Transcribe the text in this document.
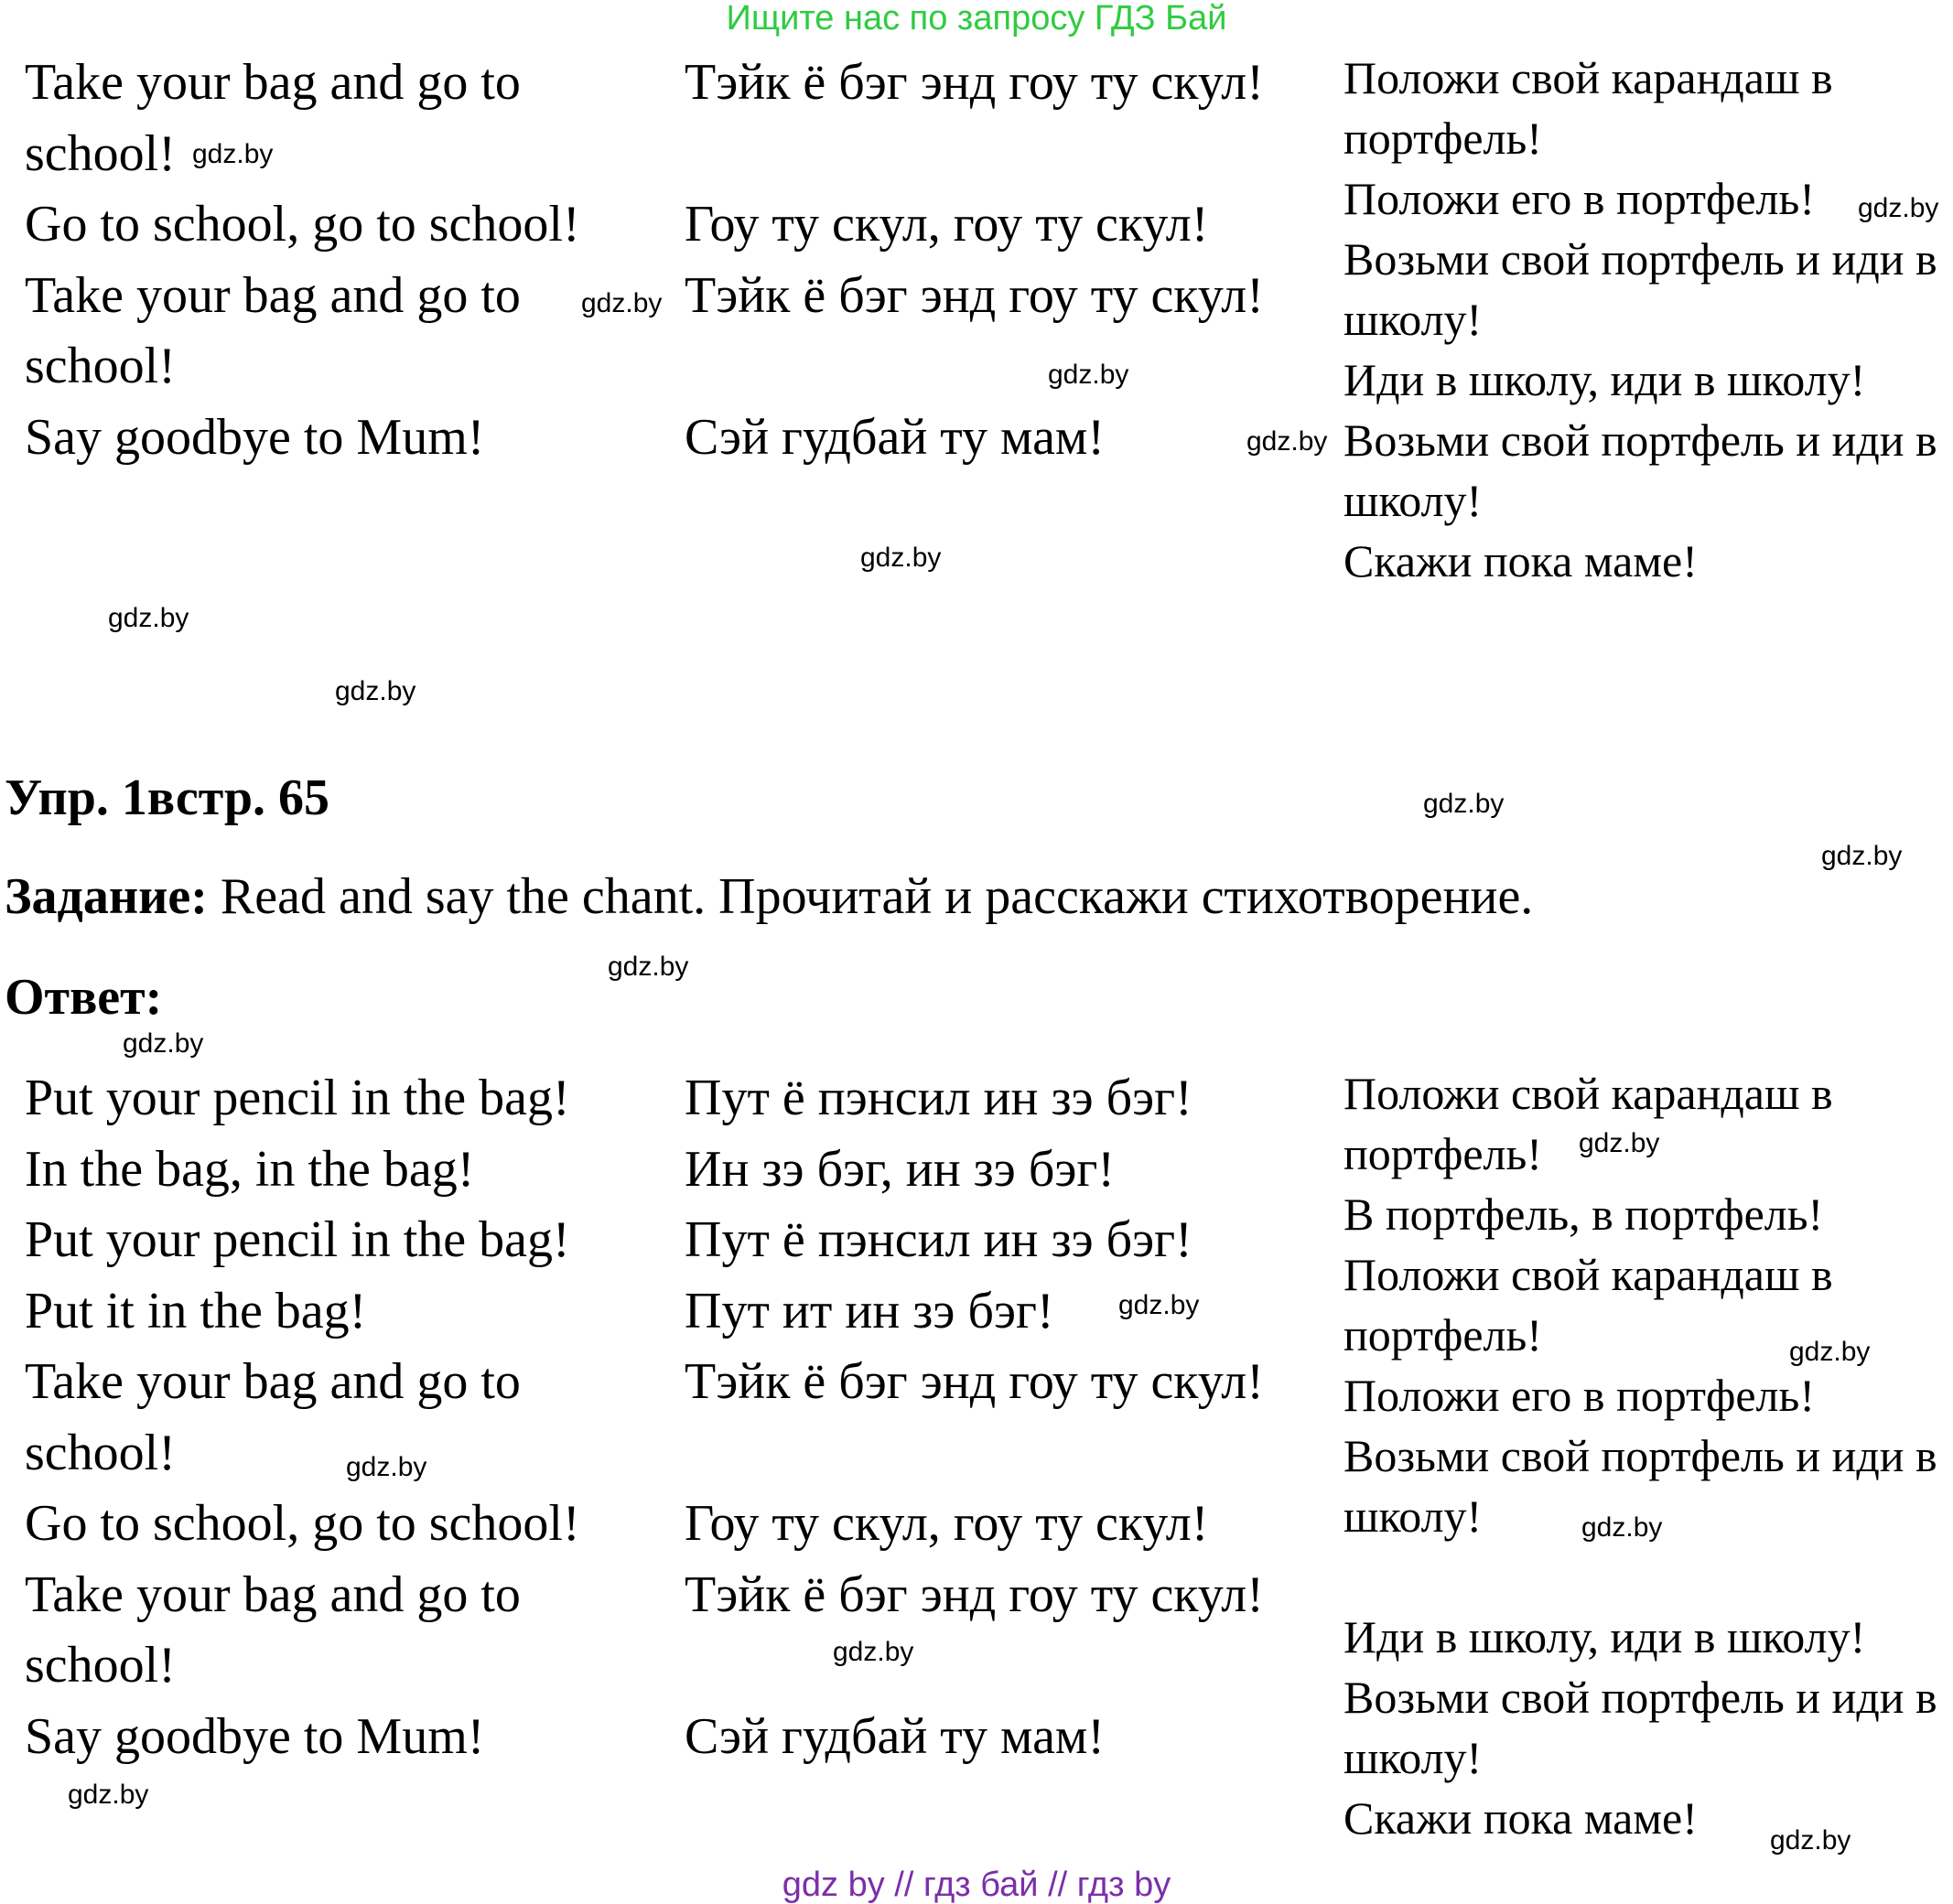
Ищите нас по запросу ГДЗ Бай
Take your bag and go to school!
Go to school, go to school!
Take your bag and go to school!
Say goodbye to Mum!
Тэйк ё бэг энд гоу ту скул!
Гоу ту скул, гоу ту скул!
Тэйк ё бэг энд гоу ту скул!
Сэй гудбай ту мам!
Положи свой карандаш в портфель!
Положи его в портфель!
Возьми свой портфель и иди в школу!
Иди в школу, иди в школу!
Возьми свой портфель и иди в школу!
Скажи пока маме!
Упр. 1встр. 65
Задание: Read and say the chant. Прочитай и расскажи стихотворение.
Ответ:
Put your pencil in the bag!
In the bag, in the bag!
Put your pencil in the bag!
Put it in the bag!
Take your bag and go to school!
Go to school, go to school!
Take your bag and go to school!
Say goodbye to Mum!
Пут ё пэнсил ин зэ бэг!
Ин зэ бэг, ин зэ бэг!
Пут ё пэнсил ин зэ бэг!
Пут ит ин зэ бэг!
Тэйк ё бэг энд гоу ту скул!
Гоу ту скул, гоу ту скул!
Тэйк ё бэг энд гоу ту скул!
Сэй гудбай ту мам!
Положи свой карандаш в портфель!
В портфель, в портфель!
Положи свой карандаш в портфель!
Положи его в портфель!
Возьми свой портфель и иди в школу!
Иди в школу, иди в школу!
Возьми свой портфель и иди в школу!
Скажи пока маме!
gdz.by
gdz.by
gdz.by
gdz.by
gdz.by
gdz.by
gdz.by
gdz.by
gdz.by
gdz.by
gdz.by
gdz.by
gdz.by
gdz.by
gdz.by
gdz.by
gdz.by
gdz.by
gdz.by
gdz.by
gdz by // гдз бай // гдз by
